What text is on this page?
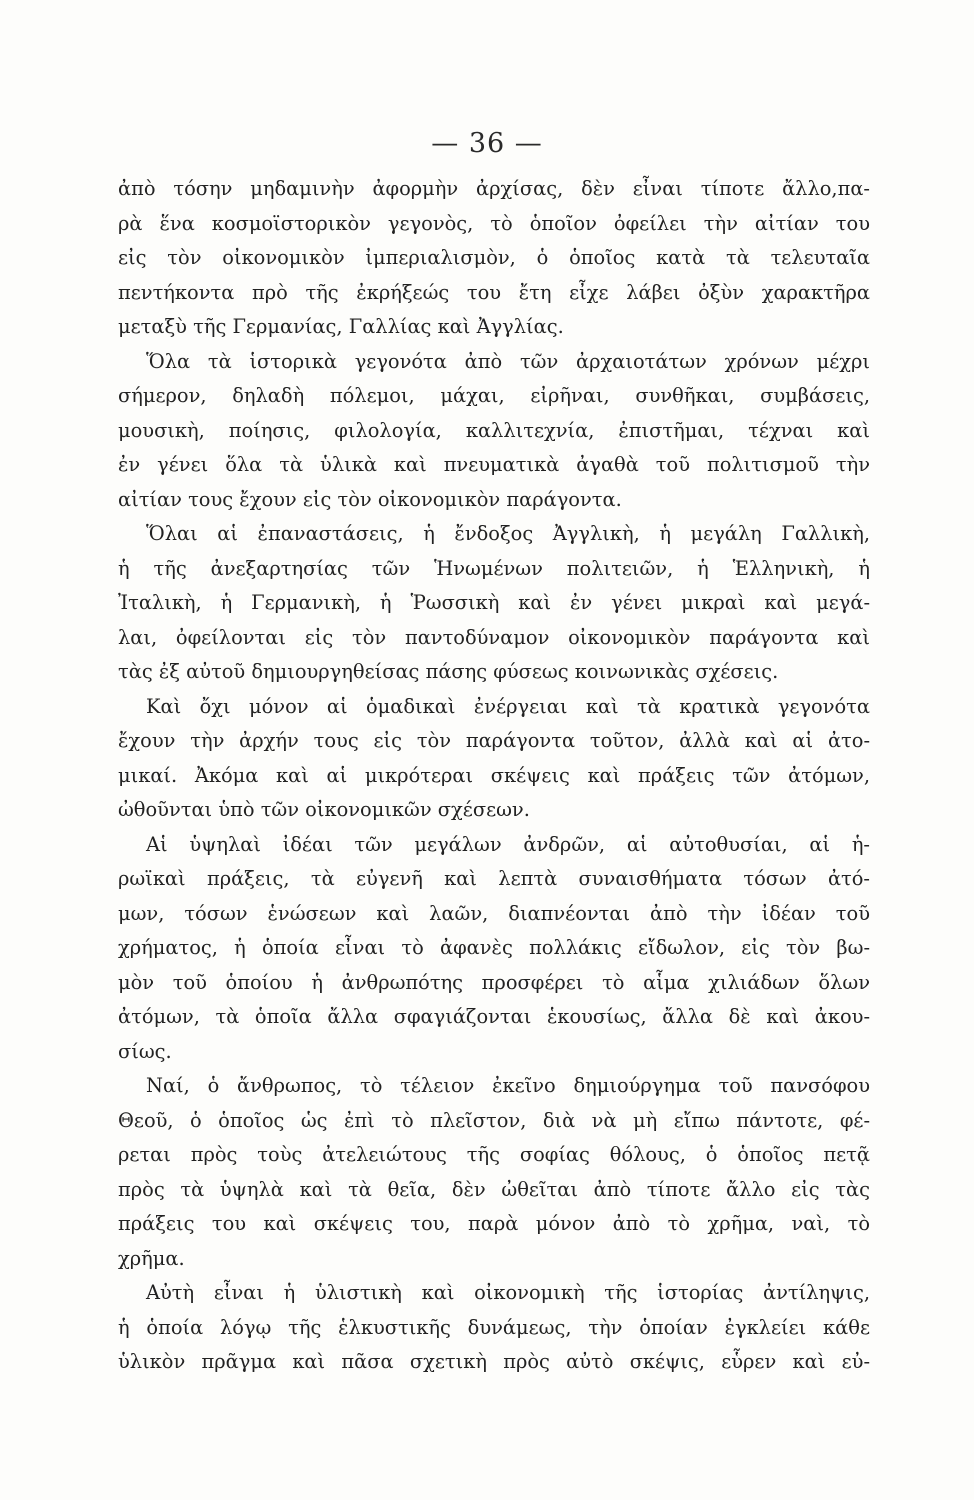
— 36 —
ἀπὸ τόσην μηδαμινὴν ἀφορμὴν ἀρχίσας, δὲν εἶναι τίποτε ἄλλο,πα-
ρὰ ἕνα κοσμοϊστορικὸν γεγονὸς, τὸ ὁποῖον ὀφείλει τὴν αἰτίαν του
εἰς τὸν οἰκονομικὸν ἰμπεριαλισμὸν, ὁ ὁποῖος κατὰ τὰ τελευταῖα
πεντήκοντα πρὸ τῆς ἐκρήξεώς του ἔτη εἶχε λάβει ὀξὺν χαρακτῆρα
μεταξὺ τῆς Γερμανίας, Γαλλίας καὶ Ἀγγλίας.
Ὅλα τὰ ἱστορικὰ γεγονότα ἀπὸ τῶν ἀρχαιοτάτων χρόνων μέχρι
σήμερον, δηλαδὴ πόλεμοι, μάχαι, εἰρῆναι, συνθῆκαι, συμβάσεις,
μουσικὴ, ποίησις, φιλολογία, καλλιτεχνία, ἐπιστῆμαι, τέχναι καὶ
ἐν γένει ὅλα τὰ ὑλικὰ καὶ πνευματικὰ ἀγαθὰ τοῦ πολιτισμοῦ τὴν
αἰτίαν τους ἔχουν εἰς τὸν οἰκονομικὸν παράγοντα.
Ὅλαι αἱ ἐπαναστάσεις, ἡ ἔνδοξος Ἀγγλικὴ, ἡ μεγάλη Γαλλικὴ,
ἡ τῆς ἀνεξαρτησίας τῶν Ἡνωμένων πολιτειῶν, ἡ Ἑλληνικὴ, ἡ
Ἰταλικὴ, ἡ Γερμανικὴ, ἡ Ῥωσσικὴ καὶ ἐν γένει μικραὶ καὶ μεγά-
λαι, ὀφείλονται εἰς τὸν παντοδύναμον οἰκονομικὸν παράγοντα καὶ
τὰς ἐξ αὐτοῦ δημιουργηθείσας πάσης φύσεως κοινωνικὰς σχέσεις.
Καὶ ὄχι μόνον αἱ ὁμαδικαὶ ἐνέργειαι καὶ τὰ κρατικὰ γεγονότα
ἔχουν τὴν ἀρχήν τους εἰς τὸν παράγοντα τοῦτον, ἀλλὰ καὶ αἱ ἀτο-
μικαί. Ἀκόμα καὶ αἱ μικρότεραι σκέψεις καὶ πράξεις τῶν ἀτόμων,
ὠθοῦνται ὑπὸ τῶν οἰκονομικῶν σχέσεων.
Αἱ ὑψηλαὶ ἰδέαι τῶν μεγάλων ἀνδρῶν, αἱ αὐτοθυσίαι, αἱ ἡ-
ρωϊκαὶ πράξεις, τὰ εὐγενῆ καὶ λεπτὰ συναισθήματα τόσων ἀτό-
μων, τόσων ἑνώσεων καὶ λαῶν, διαπνέονται ἀπὸ τὴν ἰδέαν τοῦ
χρήματος, ἡ ὁποία εἶναι τὸ ἀφανὲς πολλάκις εἴδωλον, εἰς τὸν βω-
μὸν τοῦ ὁποίου ἡ ἀνθρωπότης προσφέρει τὸ αἷμα χιλιάδων ὅλων
ἀτόμων, τὰ ὁποῖα ἄλλα σφαγιάζονται ἑκουσίως, ἄλλα δὲ καὶ ἀκου-
σίως.
Ναί, ὁ ἄνθρωπος, τὸ τέλειον ἐκεῖνο δημιούργημα τοῦ πανσόφου
Θεοῦ, ὁ ὁποῖος ὡς ἐπὶ τὸ πλεῖστον, διὰ νὰ μὴ εἴπω πάντοτε, φέ-
ρεται πρὸς τοὺς ἀτελειώτους τῆς σοφίας θόλους, ὁ ὁποῖος πετᾷ
πρὸς τὰ ὑψηλὰ καὶ τὰ θεῖα, δὲν ὠθεῖται ἀπὸ τίποτε ἄλλο εἰς τὰς
πράξεις του καὶ σκέψεις του, παρὰ μόνον ἀπὸ τὸ χρῆμα, ναὶ, τὸ
χρῆμα.
Αὐτὴ εἶναι ἡ ὑλιστικὴ καὶ οἰκονομικὴ τῆς ἱστορίας ἀντίληψις,
ἡ ὁποία λόγῳ τῆς ἑλκυστικῆς δυνάμεως, τὴν ὁποίαν ἐγκλείει κάθε
ὑλικὸν πρᾶγμα καὶ πᾶσα σχετικὴ πρὸς αὐτὸ σκέψις, εὗρεν καὶ εὐ-
